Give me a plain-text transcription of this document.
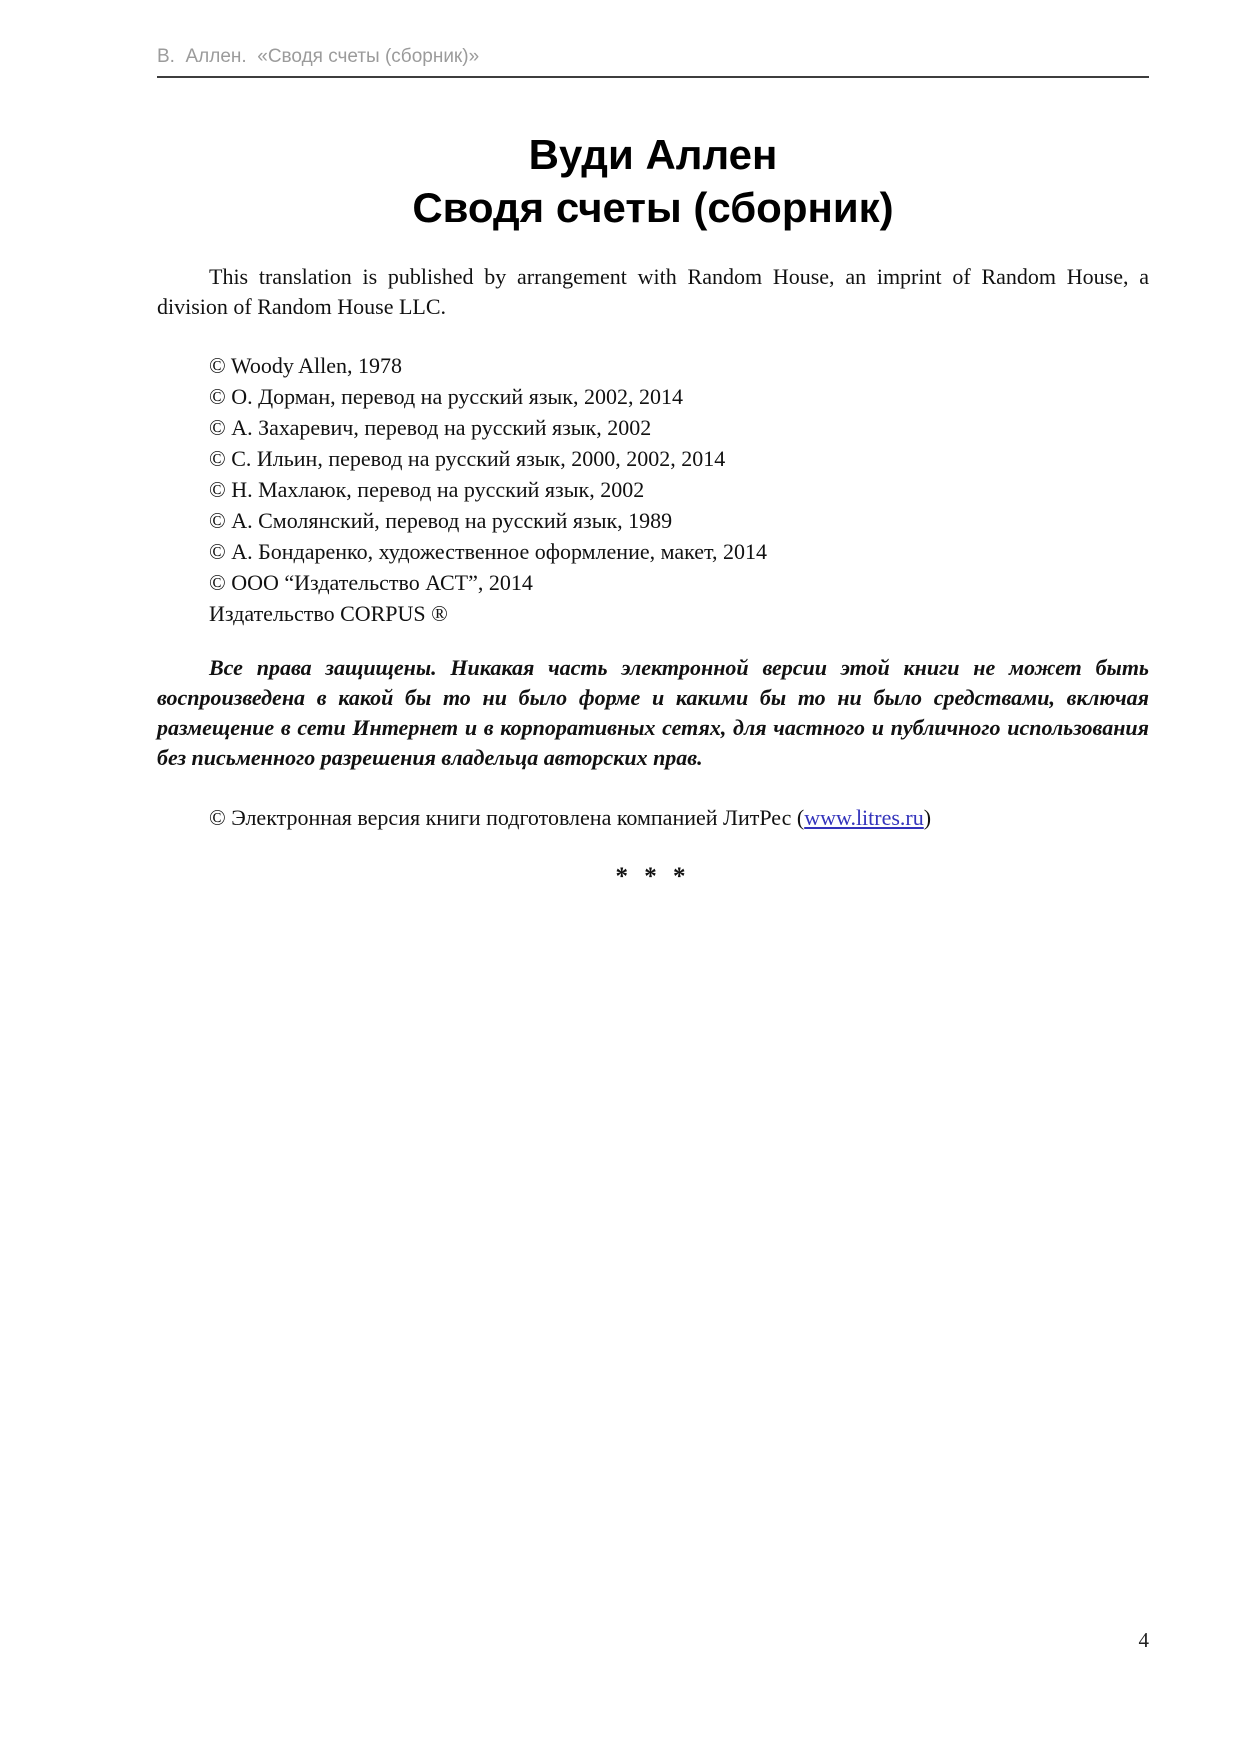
В.  Аллен.  «Сводя счеты (сборник)»
Вуди Аллен
Сводя счеты (сборник)

This translation is published by arrangement with Random House, an imprint of Random House, a division of Random House LLC.

© Woody Allen, 1978
© О. Дорман, перевод на русский язык, 2002, 2014
© А. Захаревич, перевод на русский язык, 2002
© С. Ильин, перевод на русский язык, 2000, 2002, 2014
© Н. Махлаюк, перевод на русский язык, 2002
© А. Смолянский, перевод на русский язык, 1989
© А. Бондаренко, художественное оформление, макет, 2014
© ООО “Издательство АСТ”, 2014
Издательство CORPUS ®

Все права защищены. Никакая часть электронной версии этой книги не может быть воспроизведена в какой бы то ни было форме и какими бы то ни было средствами, включая размещение в сети Интернет и в корпоративных сетях, для частного и публичного использования без письменного разрешения владельца авторских прав.

© Электронная версия книги подготовлена компанией ЛитРес (www.litres.ru)

* * *
4
